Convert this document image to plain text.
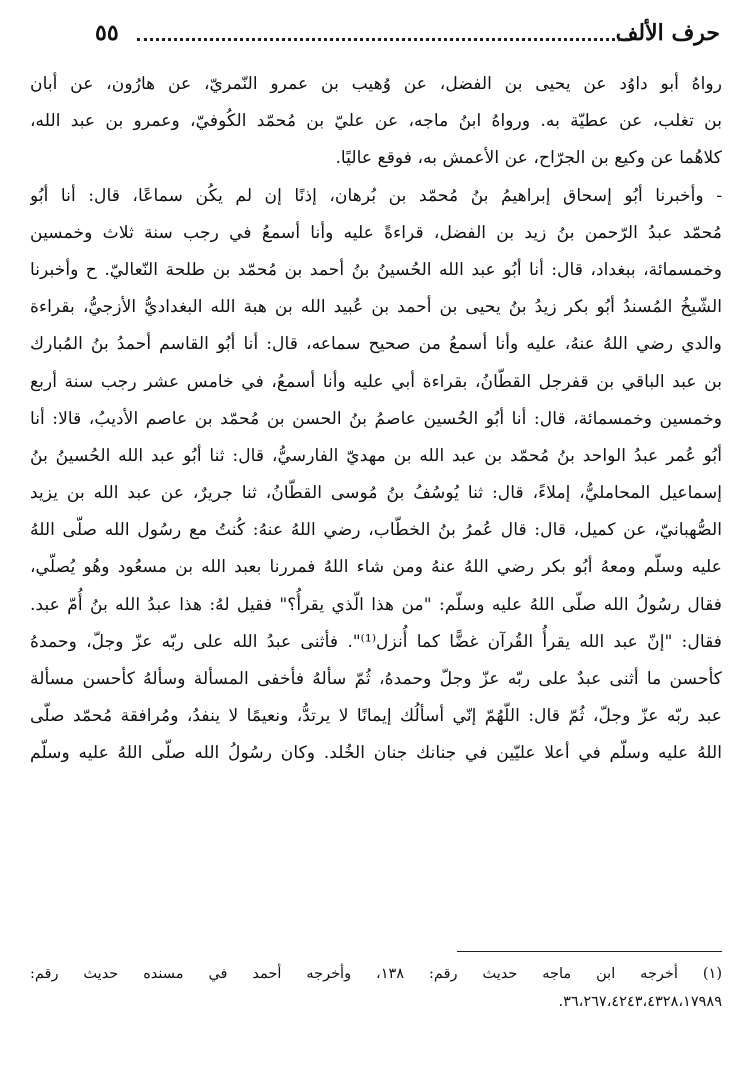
حرف الألف
٥٥
رواهُ أبو داوُد عن يحيى بن الفضل، عن وُهيب بن عمرو النّمريّ، عن هارُون، عن أبان
بن تغلب، عن عطيّة به. ورواهُ ابنُ ماجه، عن عليّ بن مُحمّد الكُوفيّ، وعمرو بن عبد الله،
كلاهُما عن وكيع بن الجرّاح، عن الأعمش به، فوقع عاليًا.
- وأخبرنا أبُو إسحاق إبراهيمُ بنُ مُحمّد بن بُرهان، إذنًا إن لم يكُن سماعًا، قال: أنا أبُو
مُحمّد عبدُ الرّحمن بنُ زيد بن الفضل، قراءةً عليه وأنا أسمعُ في رجب سنة ثلاث وخمسين
وخمسمائة، ببغداد، قال: أنا أبُو عبد الله الحُسينُ بنُ أحمد بن مُحمّد بن طلحة النّعاليّ. ح وأخبرنا
الشّيخُ المُسندُ أبُو بكر زيدُ بنُ يحيى بن أحمد بن عُبيد الله بن هبة الله البغداديُّ الأزجيُّ، بقراءة
والدي رضي اللهُ عنهُ، عليه وأنا أسمعُ من صحيح سماعه، قال: أنا أبُو القاسم أحمدُ بنُ المُبارك
بن عبد الباقي بن قفرجل القطّانُ، بقراءة أبي عليه وأنا أسمعُ، في خامس عشر رجب سنة أربع
وخمسين وخمسمائة، قال: أنا أبُو الحُسين عاصمُ بنُ الحسن بن مُحمّد بن عاصم الأديبُ، قالا: أنا
أبُو عُمر عبدُ الواحد بنُ مُحمّد بن عبد الله بن مهديّ الفارسيُّ، قال: ثنا أبُو عبد الله الحُسينُ بنُ
إسماعيل المحامليُّ، إملاءً، قال: ثنا يُوسُفُ بنُ مُوسى القطّانُ، ثنا جريرٌ، عن عبد الله بن يزيد
الصُّهبانيّ، عن كميل، قال: قال عُمرُ بنُ الخطّاب، رضي اللهُ عنهُ: كُنتُ مع رسُول الله صلّى اللهُ
عليه وسلّم ومعهُ أبُو بكر رضي اللهُ عنهُ ومن شاء اللهُ فمررنا بعبد الله بن مسعُود وهُو يُصلّي،
فقال رسُولُ الله صلّى اللهُ عليه وسلّم: "من هذا الّذي يقرأُ؟" فقيل لهُ: هذا عبدُ الله بنُ أُمّ عبد.
فقال: "إنّ عبد الله يقرأُ القُرآن غضًّا كما أُنزل⁽¹⁾". فأثنى عبدُ الله على ربّه عزّ وجلّ، وحمدهُ
كأحسن ما أثنى عبدٌ على ربّه عزّ وجلّ وحمدهُ، ثُمّ سألهُ فأخفى المسألة وسألهُ كأحسن مسألة
عبد ربّه عزّ وجلّ، ثُمّ قال: اللّهُمّ إنّي أسألُك إيمانًا لا يرتدُّ، ونعيمًا لا ينفدُ، ومُرافقة مُحمّد صلّى
اللهُ عليه وسلّم في أعلا عليّين في جنانك جنان الخُلد. وكان رسُولُ الله صلّى اللهُ عليه وسلّم
(١) أخرجه ابن ماجه حديث رقم: ١٣٨، وأخرجه أحمد في مسنده حديث رقم:
٣٦،٢٦٧،٤٢٤٣،٤٣٢٨،١٧٩٨٩.
